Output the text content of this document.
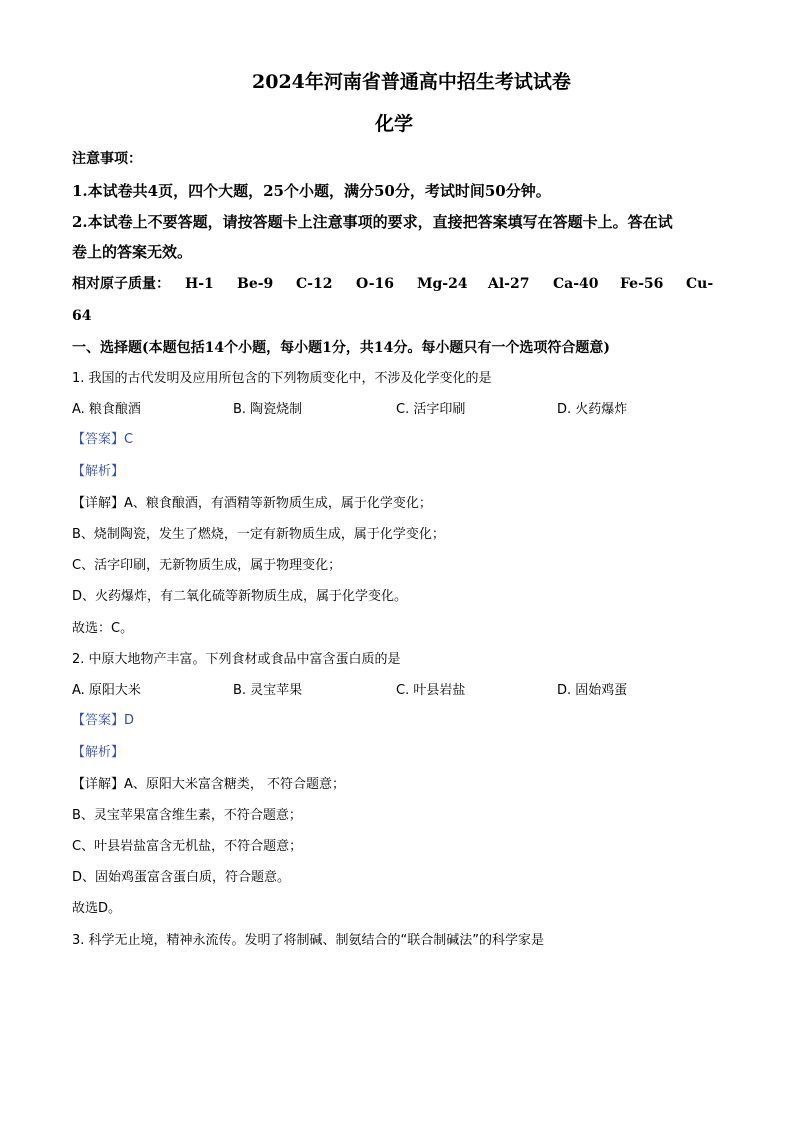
2024年河南省普通高中招生考试试卷
化学
注意事项：
1.本试卷共4页，四个大题，25个小题，满分50分，考试时间50分钟。
2.本试卷上不要答题，请按答题卡上注意事项的要求，直接把答案填写在答题卡上。答在试
卷上的答案无效。
相对原子质量： H-1 Be-9 C-12 O-16 Mg-24 Al-27 Ca-40 Fe-56 Cu-
64
一、选择题(本题包括14个小题，每小题1分，共14分。每小题只有一个选项符合题意)
1. 我国的古代发明及应用所包含的下列物质变化中，不涉及化学变化的是
A. 粮食酿酒	B. 陶瓷烧制	C. 活字印刷	D. 火药爆炸
【答案】C
【解析】
【详解】A、粮食酿酒，有酒精等新物质生成，属于化学变化；
B、烧制陶瓷，发生了燃烧，一定有新物质生成，属于化学变化；
C、活字印刷，无新物质生成，属于物理变化；
D、火药爆炸，有二氧化硫等新物质生成，属于化学变化。
故选：C。
2. 中原大地物产丰富。下列食材或食品中富含蛋白质的是
A. 原阳大米	B. 灵宝苹果	C. 叶县岩盐	D. 固始鸡蛋
【答案】D
【解析】
【详解】A、原阳大米富含糖类， 不符合题意；
B、灵宝苹果富含维生素，不符合题意；
C、叶县岩盐富含无机盐，不符合题意；
D、固始鸡蛋富含蛋白质，符合题意。
故选D。
3. 科学无止境，精神永流传。发明了将制碱、制氨结合的“联合制碱法”的科学家是
